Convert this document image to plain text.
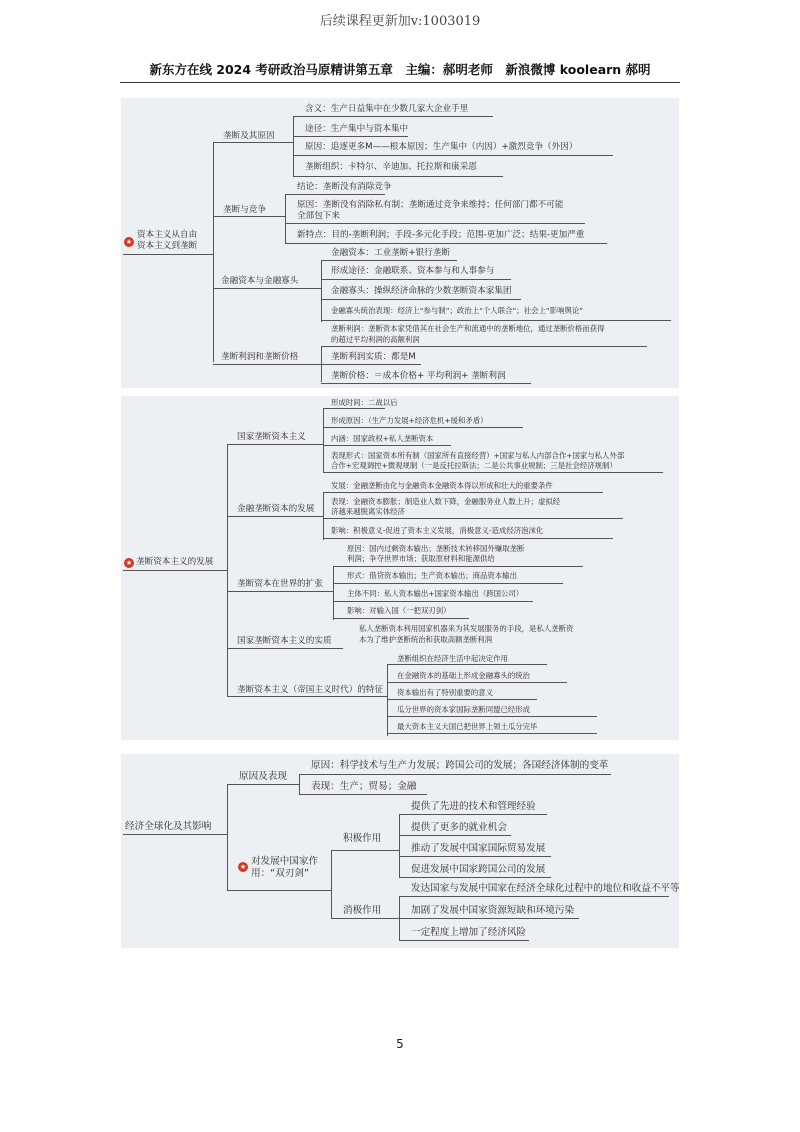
后续课程更新加v:1003019
新东方在线 2024 考研政治马原精讲第五章　主编：郝明老师　新浪微博 koolearn 郝明
★
资本主义从自由
资本主义到垄断
垄断及其原因
含义：生产日益集中在少数几家大企业手里
途径：生产集中与资本集中
原因：追逐更多M——根本原因；生产集中（内因）+激烈竞争（外因）
垄断组织：卡特尔、辛迪加、托拉斯和康采恩
垄断与竞争
结论：垄断没有消除竞争
原因：垄断没有消除私有制；垄断通过竞争来维持；任何部门都不可能
全部包下来
新特点：目的-垄断利润；手段-多元化手段；范围-更加广泛；结果-更加严重
金融资本与金融寡头
金融资本：工业垄断+银行垄断
形成途径：金融联系、资本参与和人事参与
金融寡头：操纵经济命脉的少数垄断资本家集团
金融寡头统治表现：经济上“参与制”；政治上“个人联合”；社会上“影响舆论”
垄断利润和垄断价格
垄断利润：垄断资本家凭借其在社会生产和流通中的垄断地位，通过垄断价格而获得
的超过平均利润的高额利润
垄断利润实质：都是M
垄断价格：＝成本价格+ 平均利润+ 垄断利润
★ 垄断资本主义的发展
国家垄断资本主义
形成时间：二战以后
形成原因：（生产力发展+经济危机+缓和矛盾）
内涵：国家政权+私人垄断资本
表现形式：国家资本所有制（国家所有直接经营）+国家与私人内部合作+国家与私人外部
合作+宏观调控+微观规制（一是反托拉斯法；二是公共事业规制；三是社会经济规制）
金融垄断资本的发展
发展：金融垄断由化与金融资本金融资本得以形成和壮大的重要条件
表现：金融资本膨胀；制造业人数下降，金融服务业人数上升；虚拟经
济越来越脱离实体经济
影响：积极意义-促进了资本主义发展，消极意义-造成经济泡沫化
垄断资本在世界的扩张
原因：国内过剩资本输出；垄断技术转移国外赚取垄断
利润；争夺世界市场；获取原材料和能源供给
形式：借贷资本输出；生产资本输出；商品资本输出
主体不同：私人资本输出+国家资本输出（跨国公司）
影响：对输入国（一把双刃剑）
国家垄断资本主义的实质
私人垄断资本利用国家机器来为其发展服务的手段，是私人垄断资
本为了维护垄断统治和获取高额垄断利润
垄断资本主义（帝国主义时代）的特征
垄断组织在经济生活中起决定作用
在金融资本的基础上形成金融寡头的统治
资本输出有了特别重要的意义
瓜分世界的资本家国际垄断同盟已经形成
最大资本主义大国已把世界上领土瓜分完毕
经济全球化及其影响
原因及表现
原因：科学技术与生产力发展；跨国公司的发展；各国经济体制的变革
表现：生产；贸易；金融
★ 对发展中国家作
用：“双刃剑”
积极作用
提供了先进的技术和管理经验
提供了更多的就业机会
推动了发展中国家国际贸易发展
促进发展中国家跨国公司的发展
消极作用
发达国家与发展中国家在经济全球化过程中的地位和收益不平等
加剧了发展中国家资源短缺和环境污染
一定程度上增加了经济风险
5
